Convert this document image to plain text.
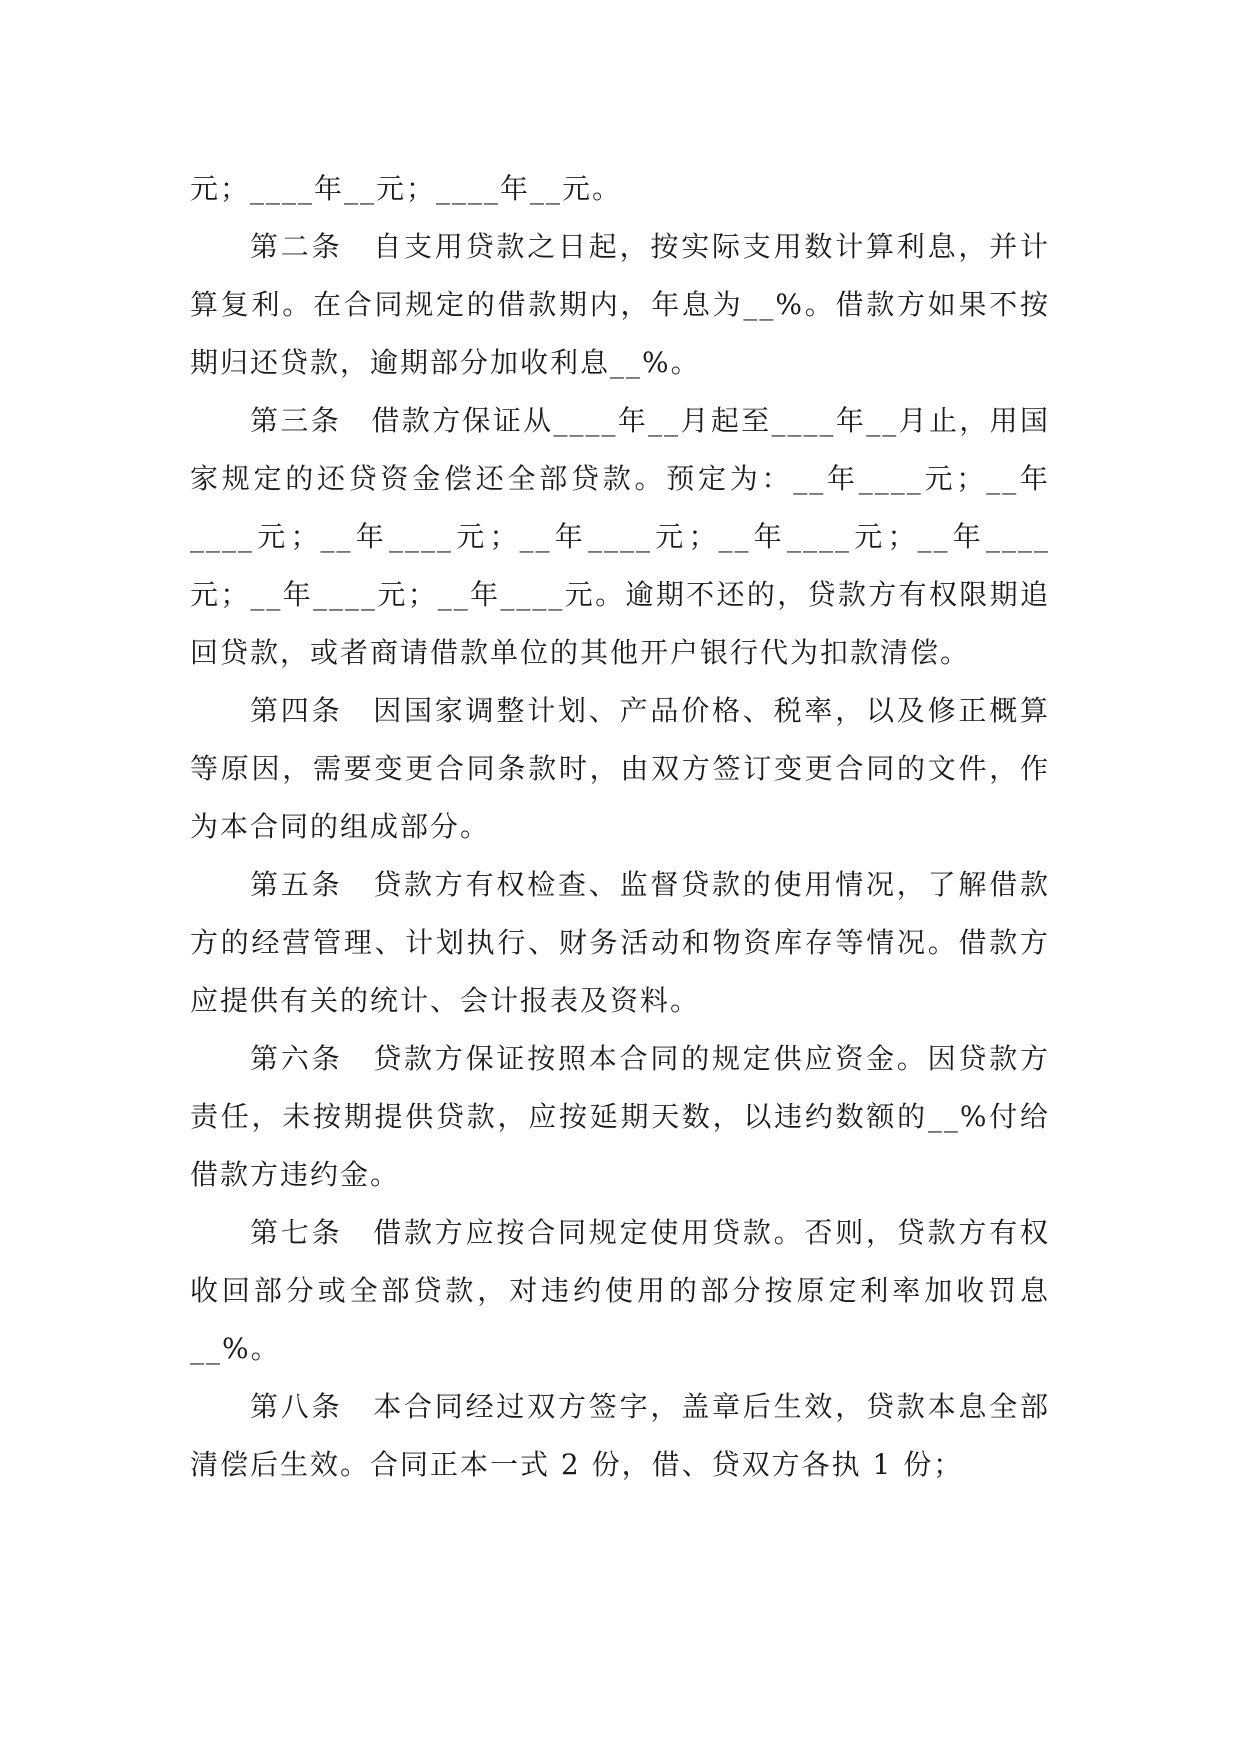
元；____年__元；____年__元。

第二条　自支用贷款之日起，按实际支用数计算利息，并计算复利。在合同规定的借款期内，年息为__%。借款方如果不按期归还贷款，逾期部分加收利息__%。

第三条　借款方保证从____年__月起至____年__月止，用国家规定的还贷资金偿还全部贷款。预定为：__年____元；__年____元；__年____元；__年____元；__年____元；__年____元；__年____元；__年____元。逾期不还的，贷款方有权限期追回贷款，或者商请借款单位的其他开户银行代为扣款清偿。

第四条　因国家调整计划、产品价格、税率，以及修正概算等原因，需要变更合同条款时，由双方签订变更合同的文件，作为本合同的组成部分。

第五条　贷款方有权检查、监督贷款的使用情况，了解借款方的经营管理、计划执行、财务活动和物资库存等情况。借款方应提供有关的统计、会计报表及资料。

第六条　贷款方保证按照本合同的规定供应资金。因贷款方责任，未按期提供贷款，应按延期天数，以违约数额的__%付给借款方违约金。

第七条　借款方应按合同规定使用贷款。否则，贷款方有权收回部分或全部贷款，对违约使用的部分按原定利率加收罚息__%。

第八条　本合同经过双方签字，盖章后生效，贷款本息全部清偿后生效。合同正本一式 2 份，借、贷双方各执 1 份；
